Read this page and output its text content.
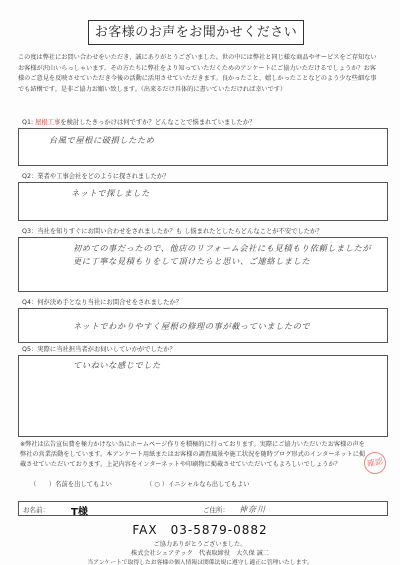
お客様のお声をお聞かせください
この度は弊社にお問い合わせをいただき、誠にありがとうございました。世の中には弊社と同じ様な商品やサービスをご存知ないお客様が沢山いらっしゃいます。その方たちに弊社をより知っていただくためのアンケートにご協力いただけるでしょうか？お客様のご意見を反映させていただき今後の活動に活用させていただきます。良かったこと、嬉しかったことなどのよう少な些細な事でも結構です。是非ご協力お願い致します。（出来るだけ具体的に書いていただければ幸いです）
Q1: 屋根工事を検討したきっかけは何ですか？どんなことで悩まれていましたか？
台風で屋根に破損したため
Q2：業者や工事会社をどのように探されましたか？
ネットで探しました
Q3：当社を知りすぐにお問い合わせをされましたか？も し悩まれたとしたらどんなことが不安でしたか？
初めての事だったので、他店のリフォーム会社にも見積もり依頼しましたが
更に丁寧な見積もりをして頂けたらと思い、ご連絡しました
Q4：何が決め手となり当社にお問合せをされましたか？
ネットでわかりやすく屋根の修理の事が載っていましたので
Q5：実際に当社担当者がお伺いしていかがでしたか？
ていねいな感じでした
※弊社は広告宣伝費を極力かけない為にホームページ作りを積極的に行っております。実際にご協力いただいたお客様の声を弊社の営業活動をしています。本アンケート用紙またはお客様の調査風景や施工状況を随時ブログ形式のインターネットに掲載させていただいております。上記内容をインターネットや印刷物に掲載させていただいてもよろしいでしょうか？
（　　）名前を出してもよい	（ ○ ）イニシャルなら出してもよい
確認
お名前： T様	ご住所： 神奈川
FAX　03-5879-0882
ご協力ありがとうございました。
株式会社シェアテック　代表取締役　大久保 誠二
当アンケートで取得したお客様の個人情報は関係法規に遵守し適正に管理いたします。
